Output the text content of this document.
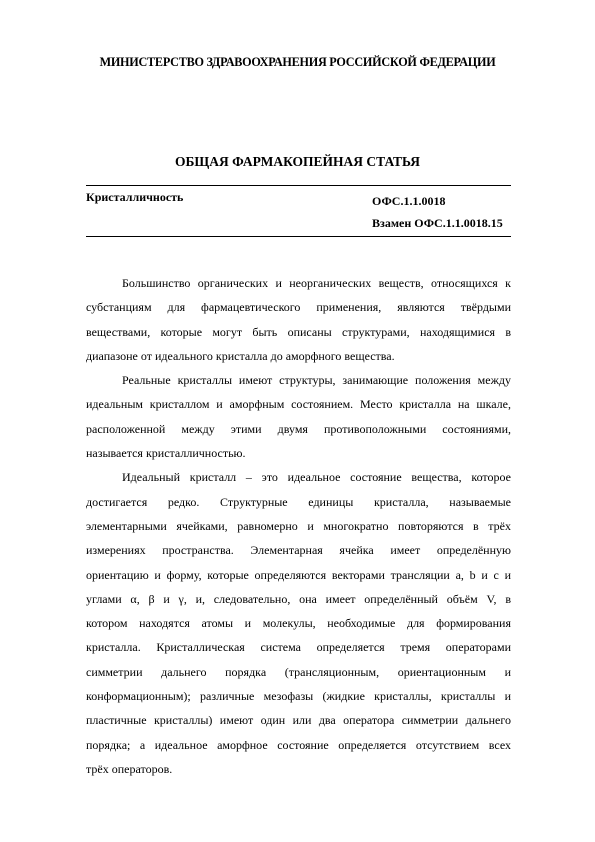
МИНИСТЕРСТВО ЗДРАВООХРАНЕНИЯ РОССИЙСКОЙ ФЕДЕРАЦИИ
ОБЩАЯ ФАРМАКОПЕЙНАЯ СТАТЬЯ
Кристалличность	ОФС.1.1.0018
Взамен ОФС.1.1.0018.15
Большинство органических и неорганических веществ, относящихся к
субстанциям для фармацевтического применения, являются твёрдыми
веществами, которые могут быть описаны структурами, находящимися в
диапазоне от идеального кристалла до аморфного вещества.
Реальные кристаллы имеют структуры, занимающие положения между
идеальным кристаллом и аморфным состоянием. Место кристалла на шкале,
расположенной между этими двумя противоположными состояниями,
называется кристалличностью.
Идеальный кристалл – это идеальное состояние вещества, которое
достигается редко. Структурные единицы кристалла, называемые
элементарными ячейками, равномерно и многократно повторяются в трёх
измерениях пространства. Элементарная ячейка имеет определённую
ориентацию и форму, которые определяются векторами трансляции a, b и c и
углами α, β и γ, и, следовательно, она имеет определённый объём V, в
котором находятся атомы и молекулы, необходимые для формирования
кристалла. Кристаллическая система определяется тремя операторами
симметрии дальнего порядка (трансляционным, ориентационным и
конформационным); различные мезофазы (жидкие кристаллы, кристаллы и
пластичные кристаллы) имеют один или два оператора симметрии дальнего
порядка; а идеальное аморфное состояние определяется отсутствием всех
трёх операторов.
